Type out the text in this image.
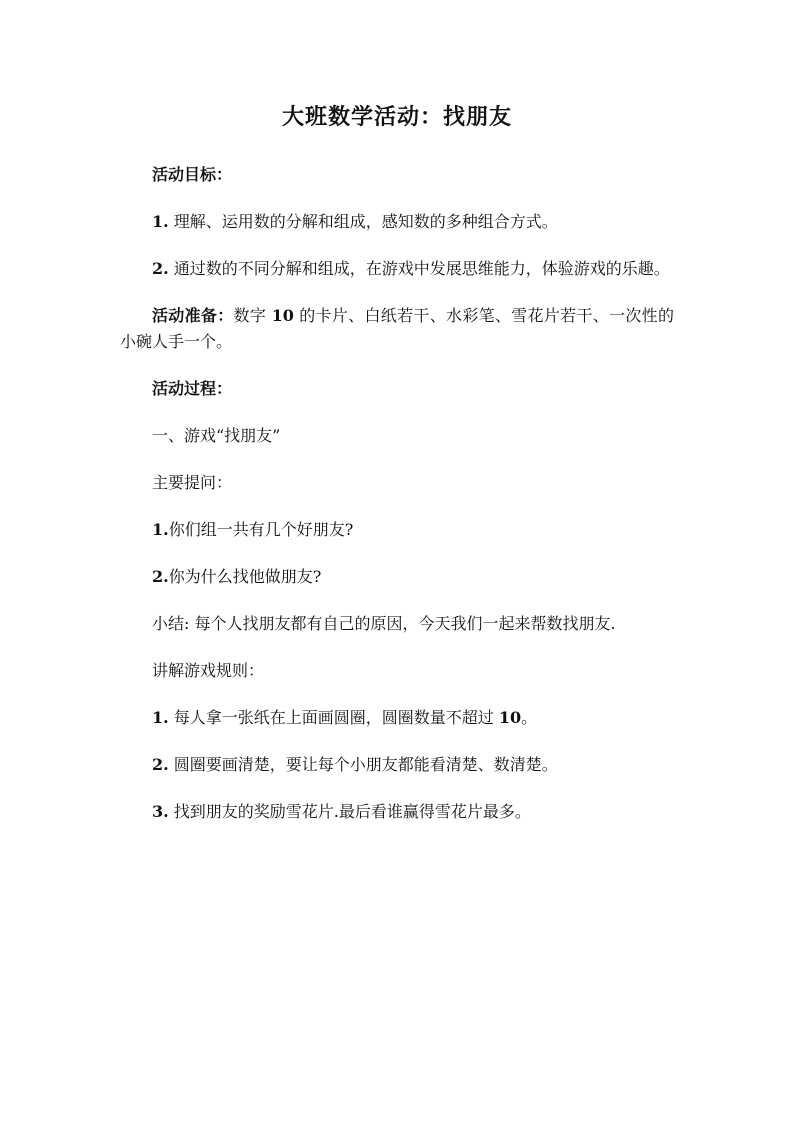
大班数学活动：找朋友

活动目标：

1. 理解、运用数的分解和组成，感知数的多种组合方式。

2. 通过数的不同分解和组成，在游戏中发展思维能力，体验游戏的乐趣。

活动准备：数字 10 的卡片、白纸若干、水彩笔、雪花片若干、一次性的小碗人手一个。

活动过程：

一、游戏“找朋友”

主要提问：

1.你们组一共有几个好朋友?

2.你为什么找他做朋友?

小结: 每个人找朋友都有自己的原因，今天我们一起来帮数找朋友.

讲解游戏规则：

1. 每人拿一张纸在上面画圆圈，圆圈数量不超过 10。

2. 圆圈要画清楚，要让每个小朋友都能看清楚、数清楚。

3. 找到朋友的奖励雪花片.最后看谁赢得雪花片最多。
